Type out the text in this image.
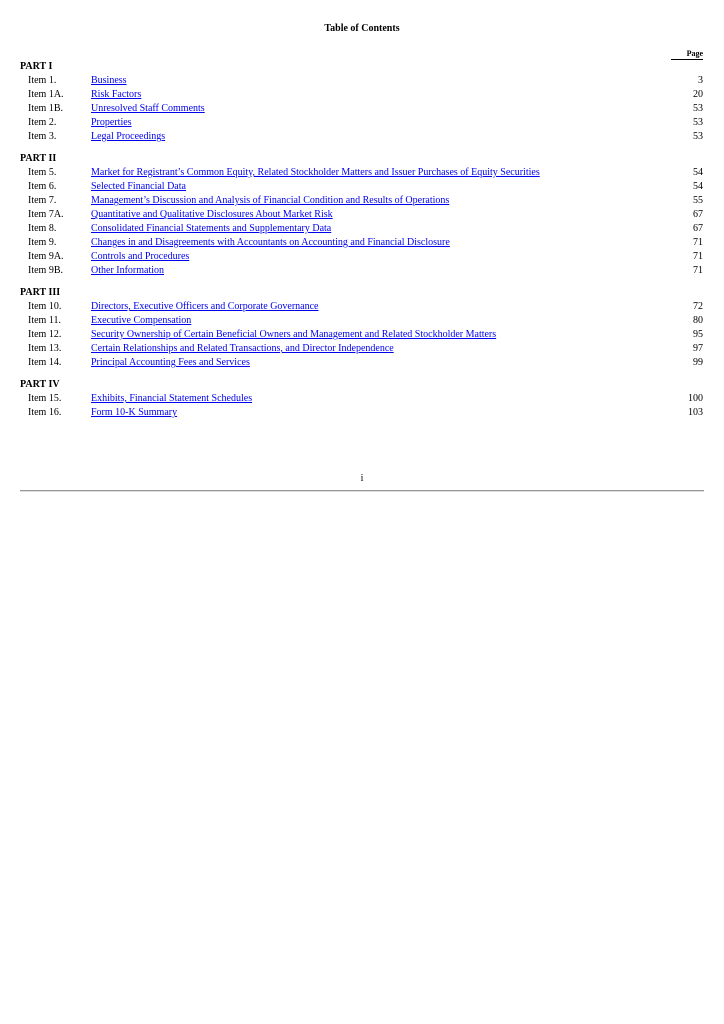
Table of Contents
Page
PART I
Item 1.	Business	3
Item 1A.	Risk Factors	20
Item 1B.	Unresolved Staff Comments	53
Item 2.	Properties	53
Item 3.	Legal Proceedings	53
PART II
Item 5.	Market for Registrant’s Common Equity, Related Stockholder Matters and Issuer Purchases of Equity Securities	54
Item 6.	Selected Financial Data	54
Item 7.	Management’s Discussion and Analysis of Financial Condition and Results of Operations	55
Item 7A.	Quantitative and Qualitative Disclosures About Market Risk	67
Item 8.	Consolidated Financial Statements and Supplementary Data	67
Item 9.	Changes in and Disagreements with Accountants on Accounting and Financial Disclosure	71
Item 9A.	Controls and Procedures	71
Item 9B.	Other Information	71
PART III
Item 10.	Directors, Executive Officers and Corporate Governance	72
Item 11.	Executive Compensation	80
Item 12.	Security Ownership of Certain Beneficial Owners and Management and Related Stockholder Matters	95
Item 13.	Certain Relationships and Related Transactions, and Director Independence	97
Item 14.	Principal Accounting Fees and Services	99
PART IV
Item 15.	Exhibits, Financial Statement Schedules	100
Item 16.	Form 10-K Summary	103
i
